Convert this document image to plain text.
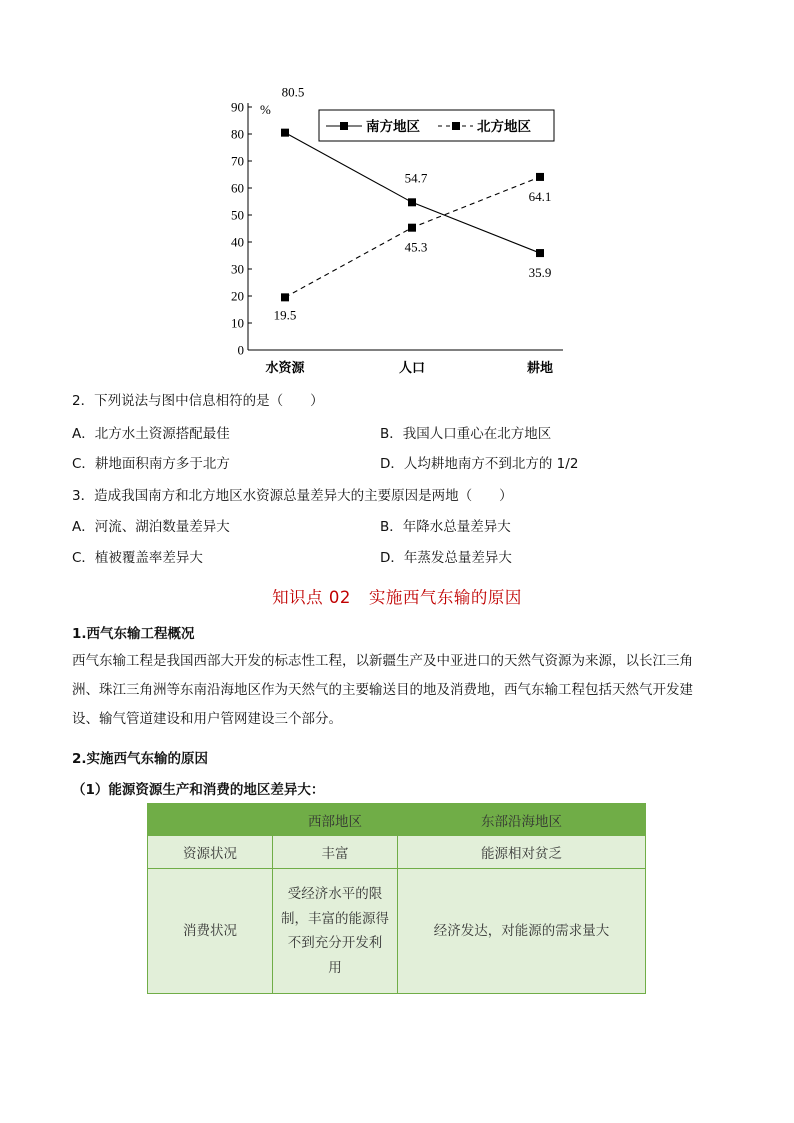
0
10
20
30
40
50
60
70
80
90 %
水资源	人口	耕地
80.5
54.7
35.9
19.5
45.3
64.1
南方地区	北方地区
2．下列说法与图中信息相符的是（　　）
A．北方水土资源搭配最佳	B．我国人口重心在北方地区
C．耕地面积南方多于北方	D．人均耕地南方不到北方的 1/2
3．造成我国南方和北方地区水资源总量差异大的主要原因是两地（　　）
A．河流、湖泊数量差异大	B．年降水总量差异大
C．植被覆盖率差异大	D．年蒸发总量差异大
知识点 02 实施西气东输的原因
1.西气东输工程概况
西气东输工程是我国西部大开发的标志性工程，以新疆生产及中亚进口的天然气资源为来源，以长江三角
洲、珠江三角洲等东南沿海地区作为天然气的主要输送目的地及消费地，西气东输工程包括天然气开发建
设、输气管道建设和用户管网建设三个部分。
2.实施西气东输的原因
（1）能源资源生产和消费的地区差异大：
	西部地区	东部沿海地区
资源状况	丰富	能源相对贫乏
消费状况	受经济水平的限
制，丰富的能源得
不到充分开发利
用	经济发达，对能源的需求量大
